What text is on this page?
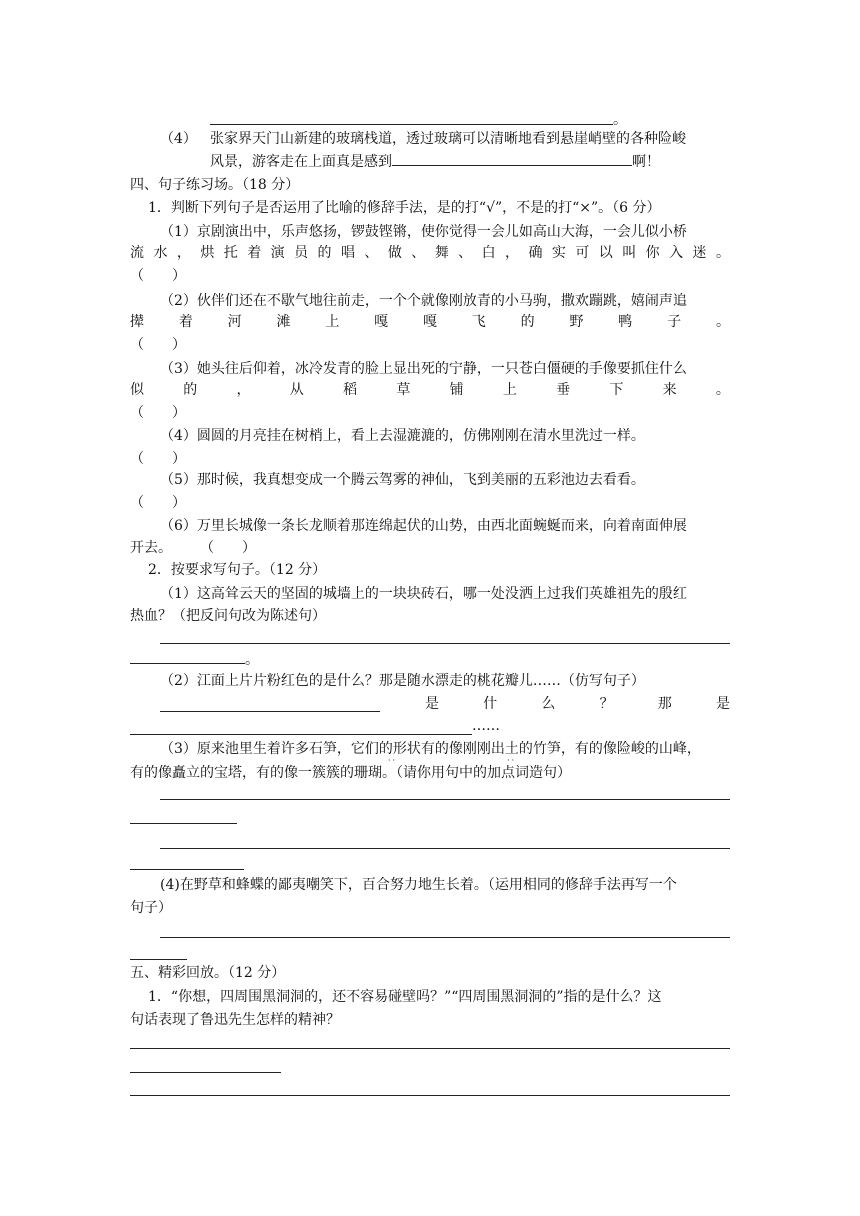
。
（4） 张家界天门山新建的玻璃栈道，透过玻璃可以清晰地看到悬崖峭壁的各种险峻
风景，游客走在上面真是感到	啊！
四、句子练习场。（18 分）
1．判断下列句子是否运用了比喻的修辞手法，是的打“√”，不是的打“×”。（6 分）
（1）京剧演出中，乐声悠扬，锣鼓铿锵，使你觉得一会儿如高山大海，一会儿似小桥
流 水 ， 烘 托 着 演 员 的 唱 、 做 、 舞 、 白 ， 确 实 可 以 叫 你 入 迷 。
（　　）
（2）伙伴们还在不歇气地往前走，一个个就像刚放青的小马驹，撒欢蹦跳，嬉闹声追
撵 着 河 滩 上 嘎 嘎 飞 的 野 鸭 子 。
（　　）
（3）她头往后仰着，冰冷发青的脸上显出死的宁静，一只苍白僵硬的手像要抓住什么
似	的	，	从	稻	草	铺	上	垂	下	来	。
（　　）
（4）圆圆的月亮挂在树梢上，看上去湿漉漉的，仿佛刚刚在清水里洗过一样。
（　　）
（5）那时候，我真想变成一个腾云驾雾的神仙，飞到美丽的五彩池边去看看。
（　　）
（6）万里长城像一条长龙顺着那连绵起伏的山势，由西北面蜿蜒而来，向着南面伸展
开去。　　　（　　）
2．按要求写句子。（12 分）
（1）这高耸云天的坚固的城墙上的一块块砖石，哪一处没洒上过我们英雄祖先的殷红
热血？（把反问句改为陈述句）
。
（2）江面上片片粉红色的是什么？那是随水漂走的桃花瓣儿……（仿写句子）
是	什	么	？	那	是
……
（3）原来池里生着许多石笋，它们的形状有的像刚刚出土的竹笋，有的像险峻的山峰，
··　　　　　　　　　　　··
有的像矗立的宝塔，有的像一簇簇的珊瑚。（请你用句中的加点词造句）
(4)在野草和蜂蝶的鄙夷嘲笑下，百合努力地生长着。（运用相同的修辞手法再写一个
句子）
五、精彩回放。（12 分）
1．“你想，四周围黑洞洞的，还不容易碰壁吗？”“四周围黑洞洞的”指的是什么？这
句话表现了鲁迅先生怎样的精神？
